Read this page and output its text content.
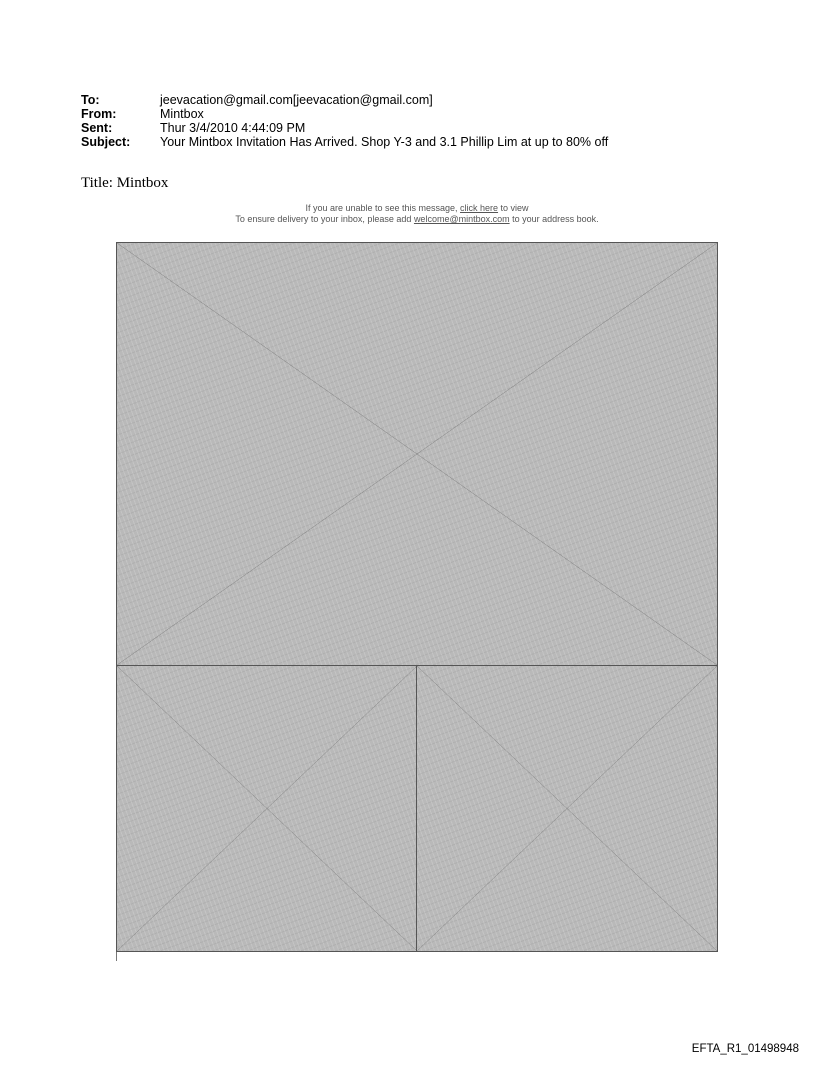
To:	jeevacation@gmail.com[jeevacation@gmail.com]
From:	Mintbox
Sent:	Thur 3/4/2010 4:44:09 PM
Subject:	Your Mintbox Invitation Has Arrived. Shop Y-3 and 3.1 Phillip Lim at up to 80% off
Title: Mintbox
If you are unable to see this message, click here to view
To ensure delivery to your inbox, please add welcome@mintbox.com to your address book.
EFTA_R1_01498948
